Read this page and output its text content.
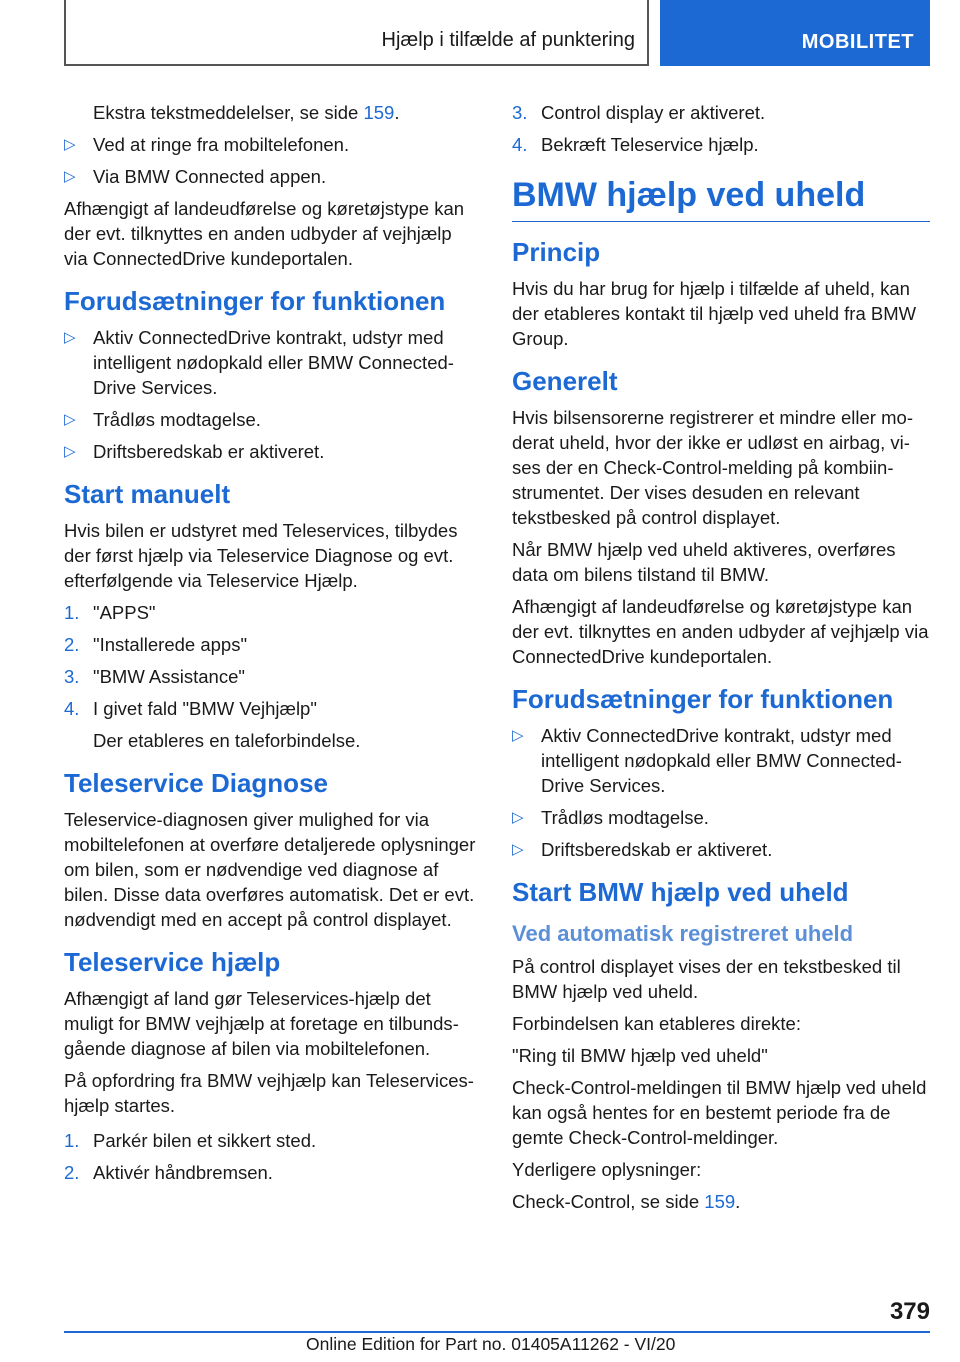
Hjælp i tilfælde af punktering	MOBILITET

Ekstra tekstmeddelelser, se side 159.

▷ Ved at ringe fra mobiltelefonen.
▷ Via BMW Connected appen.

Afhængigt af landeudførelse og køretøjstype kan der evt. tilknyttes en anden udbyder af vejhjælp via ConnectedDrive kundeportalen.

Forudsætninger for funktionen
▷ Aktiv ConnectedDrive kontrakt, udstyr med intelligent nødopkald eller BMW ConnectedDrive Services.
▷ Trådløs modtagelse.
▷ Driftsberedskab er aktiveret.
Start manuelt

Hvis bilen er udstyret med Teleservices, tilbydes der først hjælp via Teleservice Diagnose og evt. efterfølgende via Teleservice Hjælp.

1. "APPS"
2. "Installerede apps"
3. "BMW Assistance"
4. I givet fald "BMW Vejhjælp"

Der etableres en taleforbindelse.

Teleservice Diagnose

Teleservice-diagnosen giver mulighed for via mobiltelefonen at overføre detaljerede oplysninger om bilen, som er nødvendige ved diagnose af bilen. Disse data overføres automatisk. Det er evt. nødvendigt med en accept på control displayet.

Teleservice hjælp

Afhængigt af land gør Teleservices-hjælp det muligt for BMW vejhjælp at foretage en tilbundsgående diagnose af bilen via mobiltelefonen.

På opfordring fra BMW vejhjælp kan Teleservices-hjælp startes.

1. Parkér bilen et sikkert sted.
2. Aktivér håndbremsen.
3. Control display er aktiveret.
4. Bekræft Teleservice hjælp.
BMW hjælp ved uheld
Princip

Hvis du har brug for hjælp i tilfælde af uheld, kan der etableres kontakt til hjælp ved uheld fra BMW Group.

Generelt

Hvis bilsensorerne registrerer et mindre eller moderat uheld, hvor der ikke er udløst en airbag, vises der en Check-Control-melding på kombiinstrumentet. Der vises desuden en relevant tekstbesked på control displayet.

Når BMW hjælp ved uheld aktiveres, overføres data om bilens tilstand til BMW.

Afhængigt af landeudførelse og køretøjstype kan der evt. tilknyttes en anden udbyder af vejhjælp via ConnectedDrive kundeportalen.

Forudsætninger for funktionen
▷ Aktiv ConnectedDrive kontrakt, udstyr med intelligent nødopkald eller BMW ConnectedDrive Services.
▷ Trådløs modtagelse.
▷ Driftsberedskab er aktiveret.
Start BMW hjælp ved uheld
Ved automatisk registreret uheld

På control displayet vises der en tekstbesked til BMW hjælp ved uheld.

Forbindelsen kan etableres direkte:

"Ring til BMW hjælp ved uheld"

Check-Control-meldingen til BMW hjælp ved uheld kan også hentes for en bestemt periode fra de gemte Check-Control-meldinger.

Yderligere oplysninger:

Check-Control, se side 159.

379
Online Edition for Part no. 01405A11262 - VI/20
